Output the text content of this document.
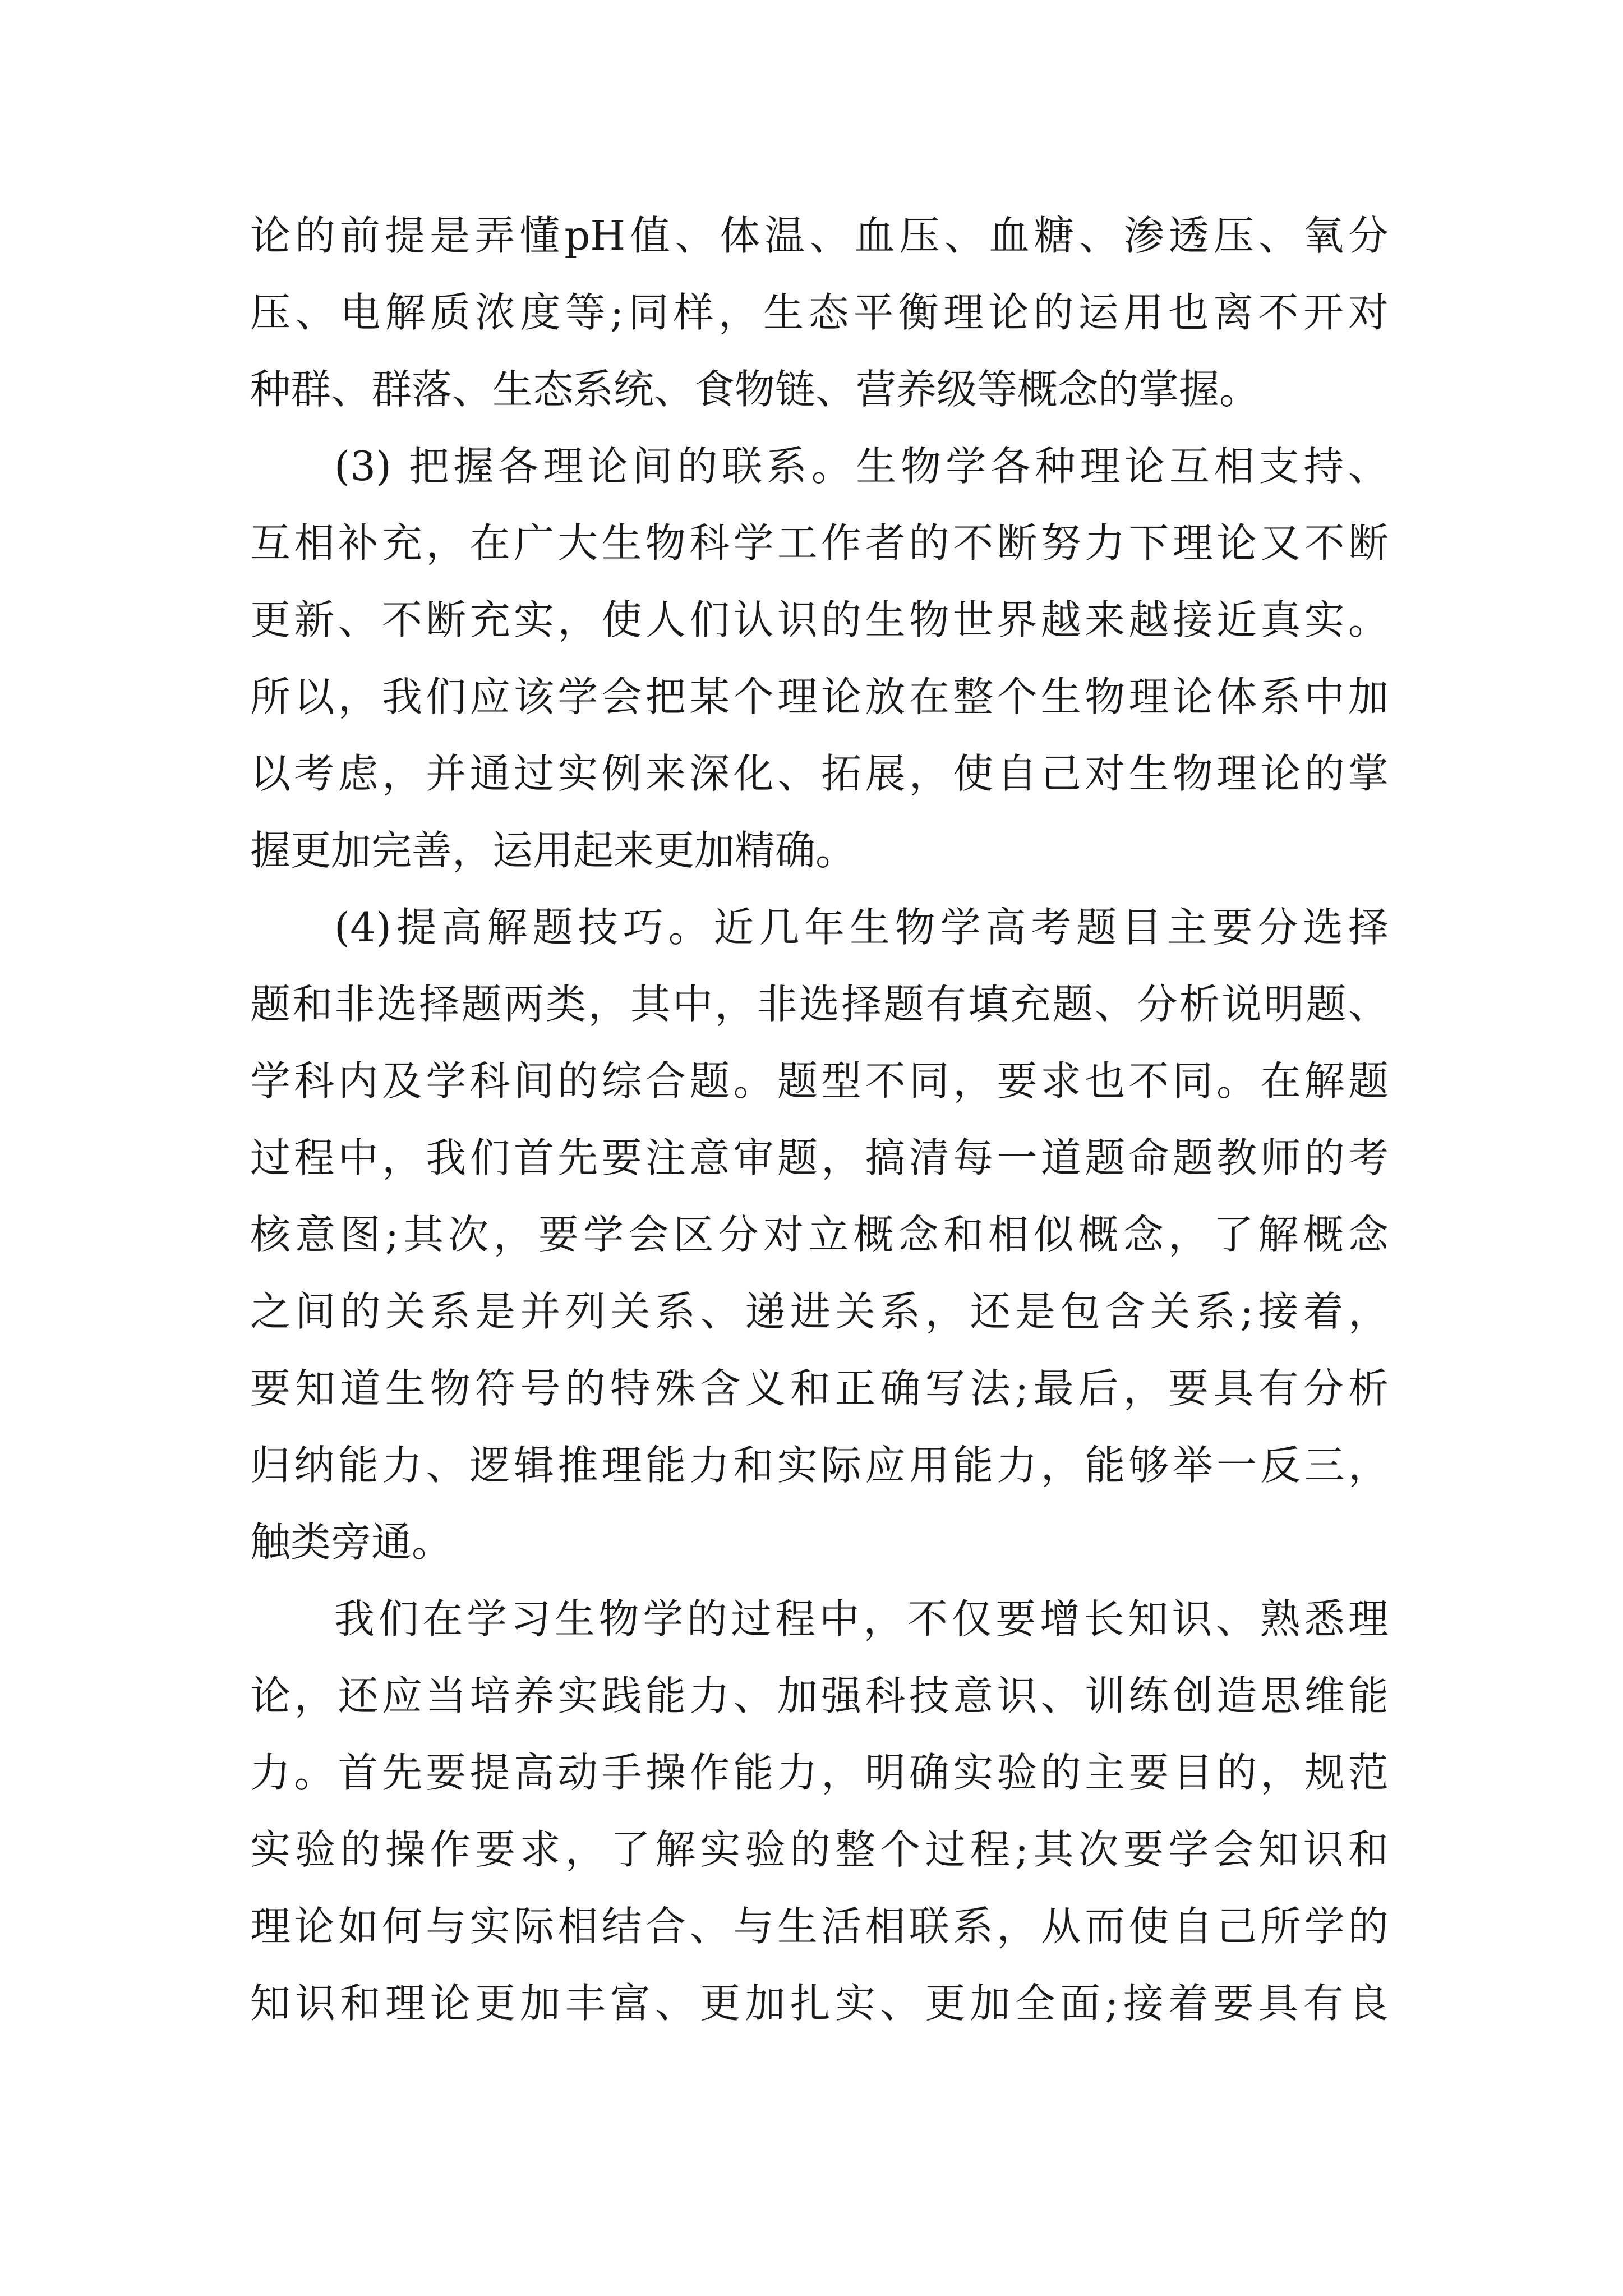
论的前提是弄懂pH值、体温、血压、血糖、渗透压、氧分
压、电解质浓度等;同样，生态平衡理论的运用也离不开对
种群、群落、生态系统、食物链、营养级等概念的掌握。
(3) 把握各理论间的联系。生物学各种理论互相支持、
互相补充，在广大生物科学工作者的不断努力下理论又不断
更新、不断充实，使人们认识的生物世界越来越接近真实。
所以，我们应该学会把某个理论放在整个生物理论体系中加
以考虑，并通过实例来深化、拓展，使自己对生物理论的掌
握更加完善，运用起来更加精确。
(4)提高解题技巧。近几年生物学高考题目主要分选择
题和非选择题两类，其中，非选择题有填充题、分析说明题、
学科内及学科间的综合题。题型不同，要求也不同。在解题
过程中，我们首先要注意审题，搞清每一道题命题教师的考
核意图;其次，要学会区分对立概念和相似概念，了解概念
之间的关系是并列关系、递进关系，还是包含关系;接着，
要知道生物符号的特殊含义和正确写法;最后，要具有分析
归纳能力、逻辑推理能力和实际应用能力，能够举一反三，
触类旁通。
我们在学习生物学的过程中，不仅要增长知识、熟悉理
论，还应当培养实践能力、加强科技意识、训练创造思维能
力。首先要提高动手操作能力，明确实验的主要目的，规范
实验的操作要求，了解实验的整个过程;其次要学会知识和
理论如何与实际相结合、与生活相联系，从而使自己所学的
知识和理论更加丰富、更加扎实、更加全面;接着要具有良
